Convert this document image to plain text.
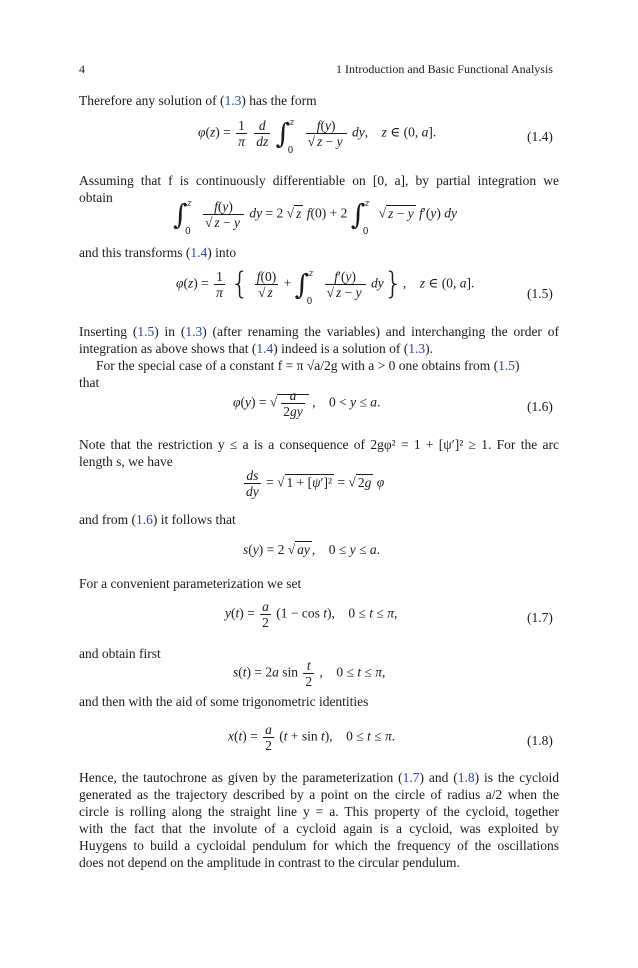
4	1 Introduction and Basic Functional Analysis
Therefore any solution of (1.3) has the form
$\varphi(z) = \frac{1}{\pi}$
$\frac{d}{dz}$ ∫
0
z
$\frac{f(y)}{√ z - y}$ dy,    z ∈ (0, a].	(1.4)
Assuming that f is continuously differentiable on [0, a], by partial integration we
obtain ∫
0
z
$\frac{f(y)}{√ z - y}$ dy = 2 √ z f(0) + 2 ∫
0
z
√ z − y f′(y) dy
and this transforms (1.4) into
$\varphi(z) = \frac{1}{\pi}$ { $\frac{f(0)}{√ z}$ + ∫
0
z
$\frac{f'(y)}{√ z - y} dy$},    z ∈ (0, a].
(1.5)
Inserting (1.5) in (1.3) (after renaming the variables) and interchanging the order of
integration as above shows that (1.4) indeed is a solution of (1.3).
For the special case of a constant f = π √a/2g with a > 0 one obtains from (1.5)
that
φ(y) = √ $\frac{a}{2gy}$ ,    0 < y ≤ a.	(1.6)
Note that the restriction y ≤ a is a consequence of 2gφ² = 1 + [ψ′]² ≥ 1. For the arc
length s, we have
$\frac{ds}{dy}$ = √ 1 + [ψ′]² = √ 2g φ
and from (1.6) it follows that
s(y) = 2 √ ay ,    0 ≤ y ≤ a.
For a convenient parameterization we set
$y(t) = \frac{a}{2} (1 - \cos t)$,    0 ≤ t ≤ π,	(1.7)
and obtain first
s(t) = 2a $\sin \frac{t}{2}$ ,    0 ≤ t ≤ π,
and then with the aid of some trigonometric identities
$x(t) = \frac{a}{2} (t + \sin t)$,    0 ≤ t ≤ π.	(1.8)
Hence, the tautochrone as given by the parameterization (1.7) and (1.8) is the cycloid
generated as the trajectory described by a point on the circle of radius a/2 when the
circle is rolling along the straight line y = a. This property of the cycloid, together
with the fact that the involute of a cycloid again is a cycloid, was exploited by
Huygens to build a cycloidal pendulum for which the frequency of the oscillations
does not depend on the amplitude in contrast to the circular pendulum.
